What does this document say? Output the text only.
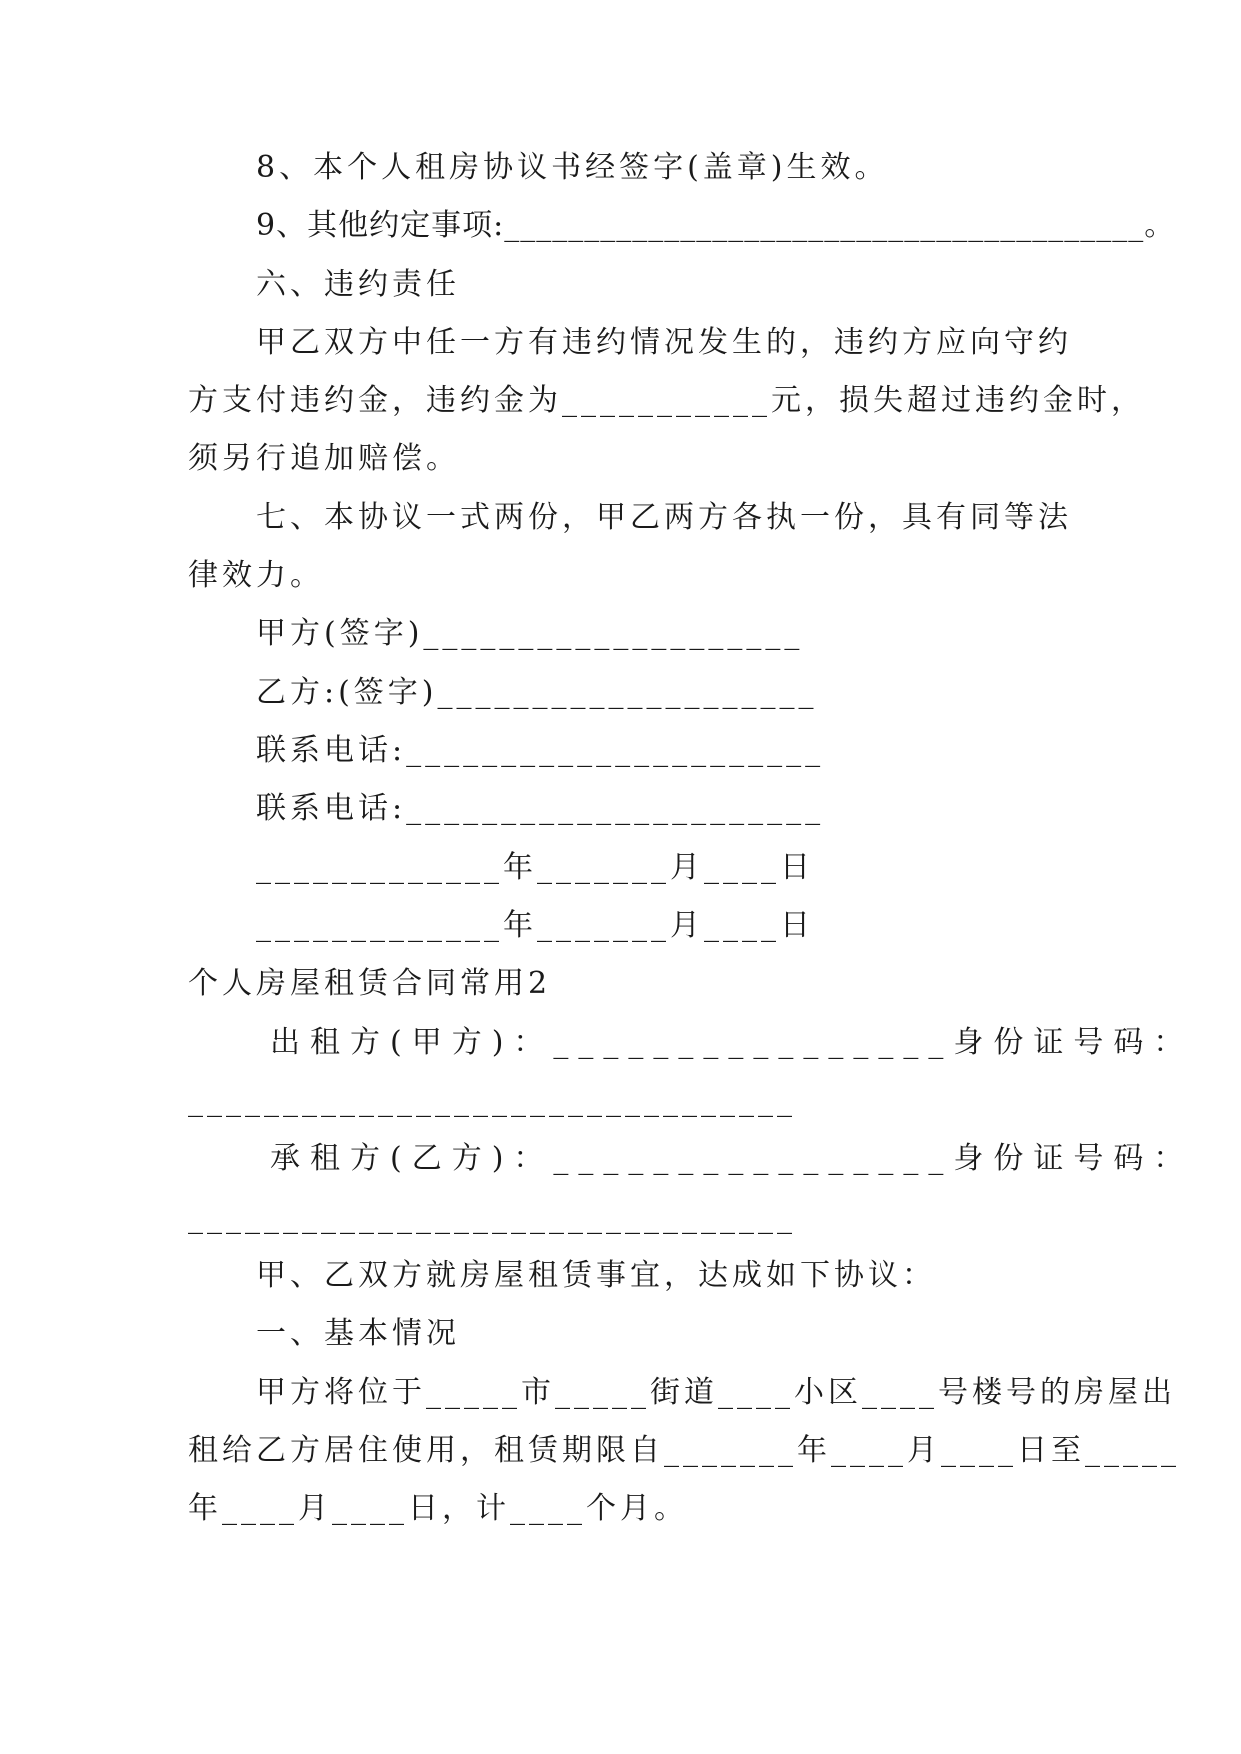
8、本个人租房协议书经签字(盖章)生效。
9、其他约定事项:________________________________________。
六、违约责任
甲乙双方中任一方有违约情况发生的，违约方应向守约
方支付违约金，违约金为___________元，损失超过违约金时，
须另行追加赔偿。
七、本协议一式两份，甲乙两方各执一份，具有同等法
律效力。
甲方(签字)____________________
乙方:(签字)____________________
联系电话:______________________
联系电话:______________________
_____________年_______月____日
_____________年_______月____日
个人房屋租赁合同常用2
出租方(甲方)：________________身份证号码：
________________________________
承租方(乙方)：________________身份证号码：
________________________________
甲、乙双方就房屋租赁事宜，达成如下协议：
一、基本情况
甲方将位于_____市_____街道____小区____号楼号的房屋出
租给乙方居住使用，租赁期限自_______年____月____日至_____
年____月____日，计____个月。
